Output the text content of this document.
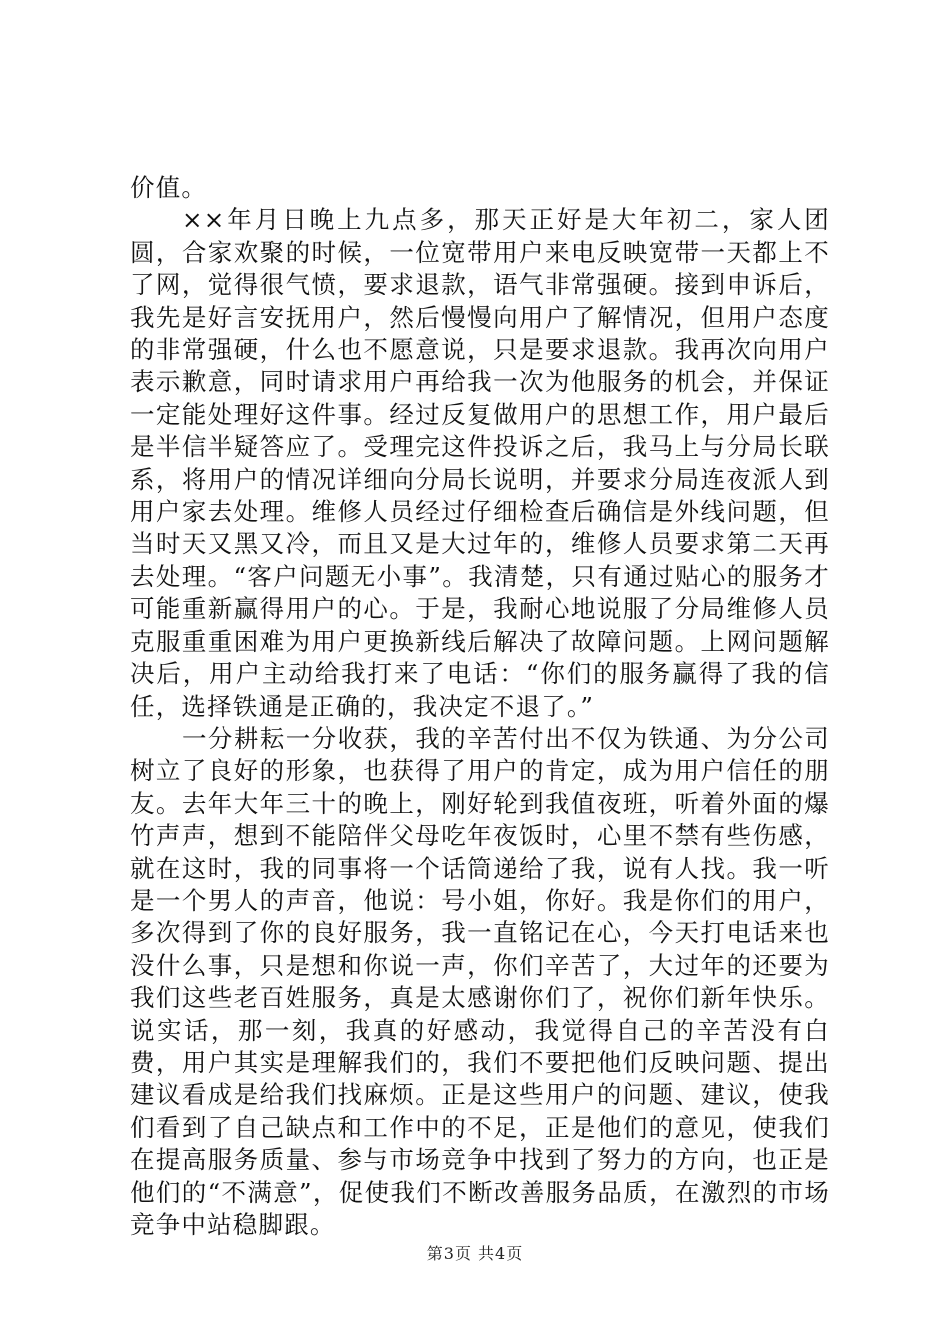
价值。

××年月日晚上九点多，那天正好是大年初二，家人团圆，合家欢聚的时候，一位宽带用户来电反映宽带一天都上不了网，觉得很气愤，要求退款，语气非常强硬。接到申诉后，我先是好言安抚用户，然后慢慢向用户了解情况，但用户态度的非常强硬，什么也不愿意说，只是要求退款。我再次向用户表示歉意，同时请求用户再给我一次为他服务的机会，并保证一定能处理好这件事。经过反复做用户的思想工作，用户最后是半信半疑答应了。受理完这件投诉之后，我马上与分局长联系，将用户的情况详细向分局长说明，并要求分局连夜派人到用户家去处理。维修人员经过仔细检查后确信是外线问题，但当时天又黑又冷，而且又是大过年的，维修人员要求第二天再去处理。“客户问题无小事”。我清楚，只有通过贴心的服务才可能重新赢得用户的心。于是，我耐心地说服了分局维修人员克服重重困难为用户更换新线后解决了故障问题。上网问题解决后，用户主动给我打来了电话：“你们的服务赢得了我的信任，选择铁通是正确的，我决定不退了。”

一分耕耘一分收获，我的辛苦付出不仅为铁通、为分公司树立了良好的形象，也获得了用户的肯定，成为用户信任的朋友。去年大年三十的晚上，刚好轮到我值夜班，听着外面的爆竹声声，想到不能陪伴父母吃年夜饭时，心里不禁有些伤感，就在这时，我的同事将一个话筒递给了我，说有人找。我一听是一个男人的声音，他说：号小姐，你好。我是你们的用户，多次得到了你的良好服务，我一直铭记在心，今天打电话来也没什么事，只是想和你说一声，你们辛苦了，大过年的还要为我们这些老百姓服务，真是太感谢你们了，祝你们新年快乐。说实话，那一刻，我真的好感动，我觉得自己的辛苦没有白费，用户其实是理解我们的，我们不要把他们反映问题、提出建议看成是给我们找麻烦。正是这些用户的问题、建议，使我们看到了自己缺点和工作中的不足，正是他们的意见，使我们在提高服务质量、参与市场竞争中找到了努力的方向，也正是他们的“不满意”，促使我们不断改善服务品质，在激烈的市场竞争中站稳脚跟。

第3页 共4页
